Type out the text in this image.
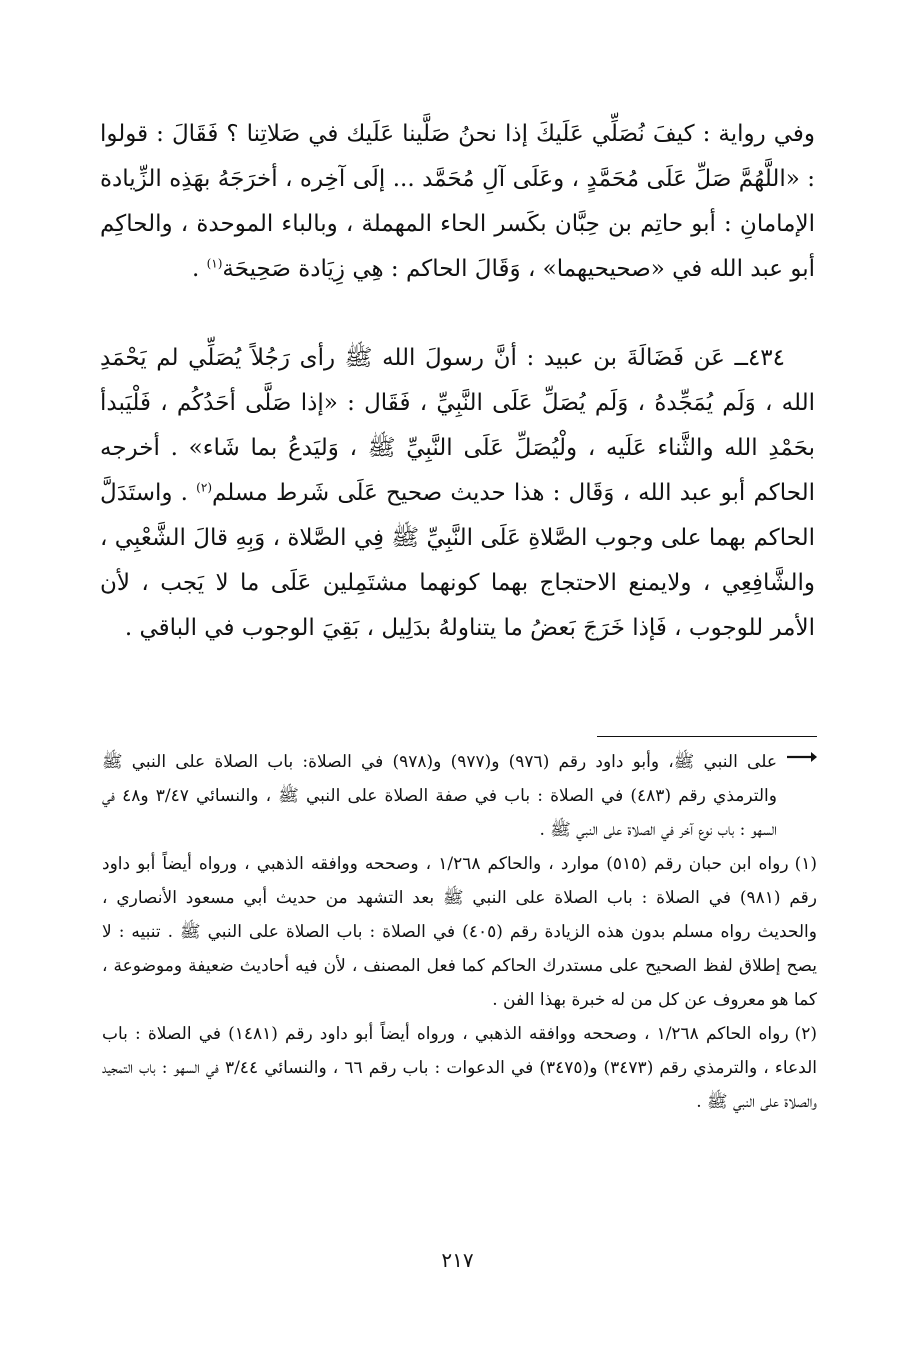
وفي رواية : كيفَ نُصَلِّي عَلَيكَ إذا نحنُ صَلَّينا عَلَيك في صَلاتِنا ؟ فَقَالَ : قولوا : «اللَّهُمَّ صَلِّ عَلَى مُحَمَّدٍ ، وعَلَى آلِ مُحَمَّد ... إلَى آخِره ، أخرَجَهُ بهَذِه الزِّيادة الإمامانِ : أبو حاتِم بن حِبَّان بكَسر الحاء المهملة ، وبالباء الموحدة ، والحاكِم أبو عبد الله في «صحيحيهما» ، وَقَالَ الحاكم : هِي زِيَادة صَحِيحَة$^{(١)}$ .

٤٣٤ــ عَن فَضَالَةَ بن عبيد : أنَّ رسولَ الله ﷺ رأى رَجُلاً يُصَلِّي لم يَحْمَدِ الله ، وَلَم يُمَجِّدهُ ، وَلَم يُصَلِّ عَلَى النَّبِيِّ ، فَقَال : «إذا صَلَّى أحَدُكُم ، فَلْيَبدأ بحَمْدِ الله والثَّناء عَلَيه ، ولْيُصَلِّ عَلَى النَّبِيِّ ﷺ ، وَليَدعُ بما شَاء» . أخرجه الحاكم أبو عبد الله ، وَقَال : هذا حديث صحيح عَلَى شَرط مسلم$^{(٢)}$ . واستَدَلَّ الحاكم بهما على وجوب الصَّلاةِ عَلَى النَّبِيِّ ﷺ فِي الصَّلاة ، وَبِهِ قالَ الشَّعْبِي ، والشَّافِعِي ، ولايمنع الاحتجاج بهما كونهما مشتَمِلين عَلَى ما لا يَجب ، لأن الأمر للوجوب ، فَإذا خَرَجَ بَعضُ ما يتناولهُ بدَلِيل ، بَقِيَ الوجوب في الباقي .

على النبي ﷺ، وأبو داود رقم (٩٧٦) و(٩٧٧) و(٩٧٨) في الصلاة: باب الصلاة على النبي ﷺ والترمذي رقم (٤٨٣) في الصلاة : باب في صفة الصلاة على النبي ﷺ ، والنسائي ٣/٤٧ و٤٨ في السهو : باب نوع آخر في الصلاة على النبي ﷺ .

(١)رواه ابن حبان رقم (٥١٥) موارد ، والحاكم ١/٢٦٨ ، وصححه ووافقه الذهبي ، ورواه أيضاً أبو داود رقم (٩٨١) في الصلاة : باب الصلاة على النبي ﷺ بعد التشهد من حديث أبي مسعود الأنصاري ، والحديث رواه مسلم بدون هذه الزيادة رقم (٤٠٥) في الصلاة : باب الصلاة على النبي ﷺ . تنبيه : لا يصح إطلاق لفظ الصحيح على مستدرك الحاكم كما فعل المصنف ، لأن فيه أحاديث ضعيفة وموضوعة ، كما هو معروف عن كل من له خبرة بهذا الفن .

(٢)رواه الحاكم ١/٢٦٨ ، وصححه ووافقه الذهبي ، ورواه أيضاً أبو داود رقم (١٤٨١) في الصلاة : باب الدعاء ، والترمذي رقم (٣٤٧٣) و(٣٤٧٥) في الدعوات : باب رقم ٦٦ ، والنسائي ٣/٤٤ في السهو : باب التمجيد والصلاة على النبي ﷺ .

٢١٧
